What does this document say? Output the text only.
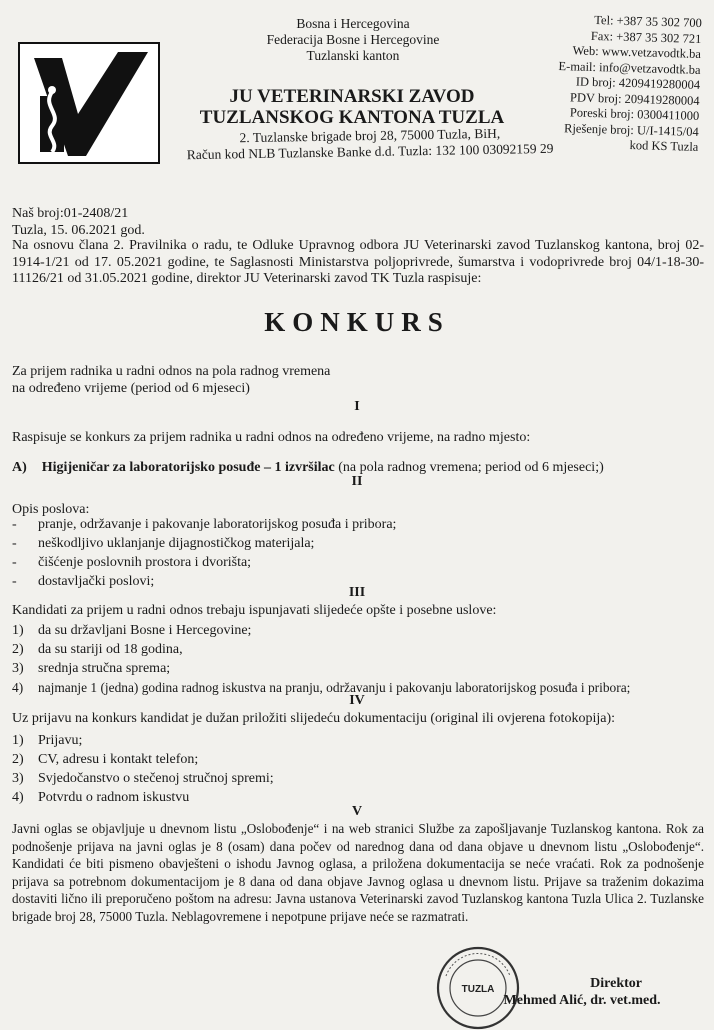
Bosna i Hercegovina
Federacija Bosne i Hercegovine
Tuzlanski kanton
JU VETERINARSKI ZAVOD
TUZLANSKOG KANTONA TUZLA
2. Tuzlanske brigade broj 28, 75000 Tuzla, BiH,
Račun kod NLB Tuzlanske Banke d.d. Tuzla: 132 100 03092159 29
Tel: +387 35 302 700
Fax: +387 35 302 721
Web: www.vetzavodtk.ba
E-mail: info@vetzavodtk.ba
ID broj: 4209419280004
PDV broj: 209419280004
Poreski broj: 0300411000
Rješenje broj: U/I-1415/04
kod KS Tuzla
Naš broj:01-2408/21
Tuzla, 15. 06.2021 god.
Na osnovu člana 2. Pravilnika o radu, te Odluke Upravnog odbora JU Veterinarski zavod Tuzlanskog kantona, broj 02-1914-1/21 od 17. 05.2021 godine, te Saglasnosti Ministarstva poljoprivrede, šumarstva i vodoprivrede broj 04/1-18-30-11126/21 od 31.05.2021 godine, direktor JU Veterinarski zavod TK Tuzla raspisuje:
KONKURS
Za prijem radnika u radni odnos na pola radnog vremena
na određeno vrijeme (period od 6 mjeseci)
I
Raspisuje se konkurs za prijem radnika u radni odnos na određeno vrijeme, na radno mjesto:
A) Higijeničar za laboratorijsko posuđe – 1 izvršilac (na pola radnog vremena; period od 6 mjeseci;)
II
Opis poslova:
- pranje, održavanje i pakovanje laboratorijskog posuđa i pribora;
- neškodljivo uklanjanje dijagnostičkog materijala;
- čišćenje poslovnih prostora i dvorišta;
- dostavljački poslovi;
III
Kandidati za prijem u radni odnos trebaju ispunjavati slijedeće opšte i posebne uslove:
1) da su državljani Bosne i Hercegovine;
2) da su stariji od 18 godina,
3) srednja stručna sprema;
4) najmanje 1 (jedna) godina radnog iskustva na pranju, održavanju i pakovanju laboratorijskog posuđa i pribora;
IV
Uz prijavu na konkurs kandidat je dužan priložiti slijedeću dokumentaciju (original ili ovjerena fotokopija):
1) Prijavu;
2) CV, adresu i kontakt telefon;
3) Svjedočanstvo o stečenoj stručnoj spremi;
4) Potvrdu o radnom iskustvu
V
Javni oglas se objavljuje u dnevnom listu „Oslobođenje“ i na web stranici Službe za zapošljavanje Tuzlanskog kantona. Rok za podnošenje prijava na javni oglas je 8 (osam) dana počev od narednog dana od dana objave u dnevnom listu „Oslobođenje“. Kandidati će biti pismeno obavješteni o ishodu Javnog oglasa, a priložena dokumentacija se neće vraćati. Rok za podnošenje prijava sa potrebnom dokumentacijom je 8 dana od dana objave Javnog oglasa u dnevnom listu. Prijave sa traženim dokazima dostaviti lično ili preporučeno poštom na adresu: Javna ustanova Veterinarski zavod Tuzlanskog kantona Tuzla Ulica 2. Tuzlanske brigade broj 28, 75000 Tuzla. Neblagovremene i nepotpune prijave neće se razmatrati.
TUZLA	Direktor
Mehmed Alić, dr. vet.med.
